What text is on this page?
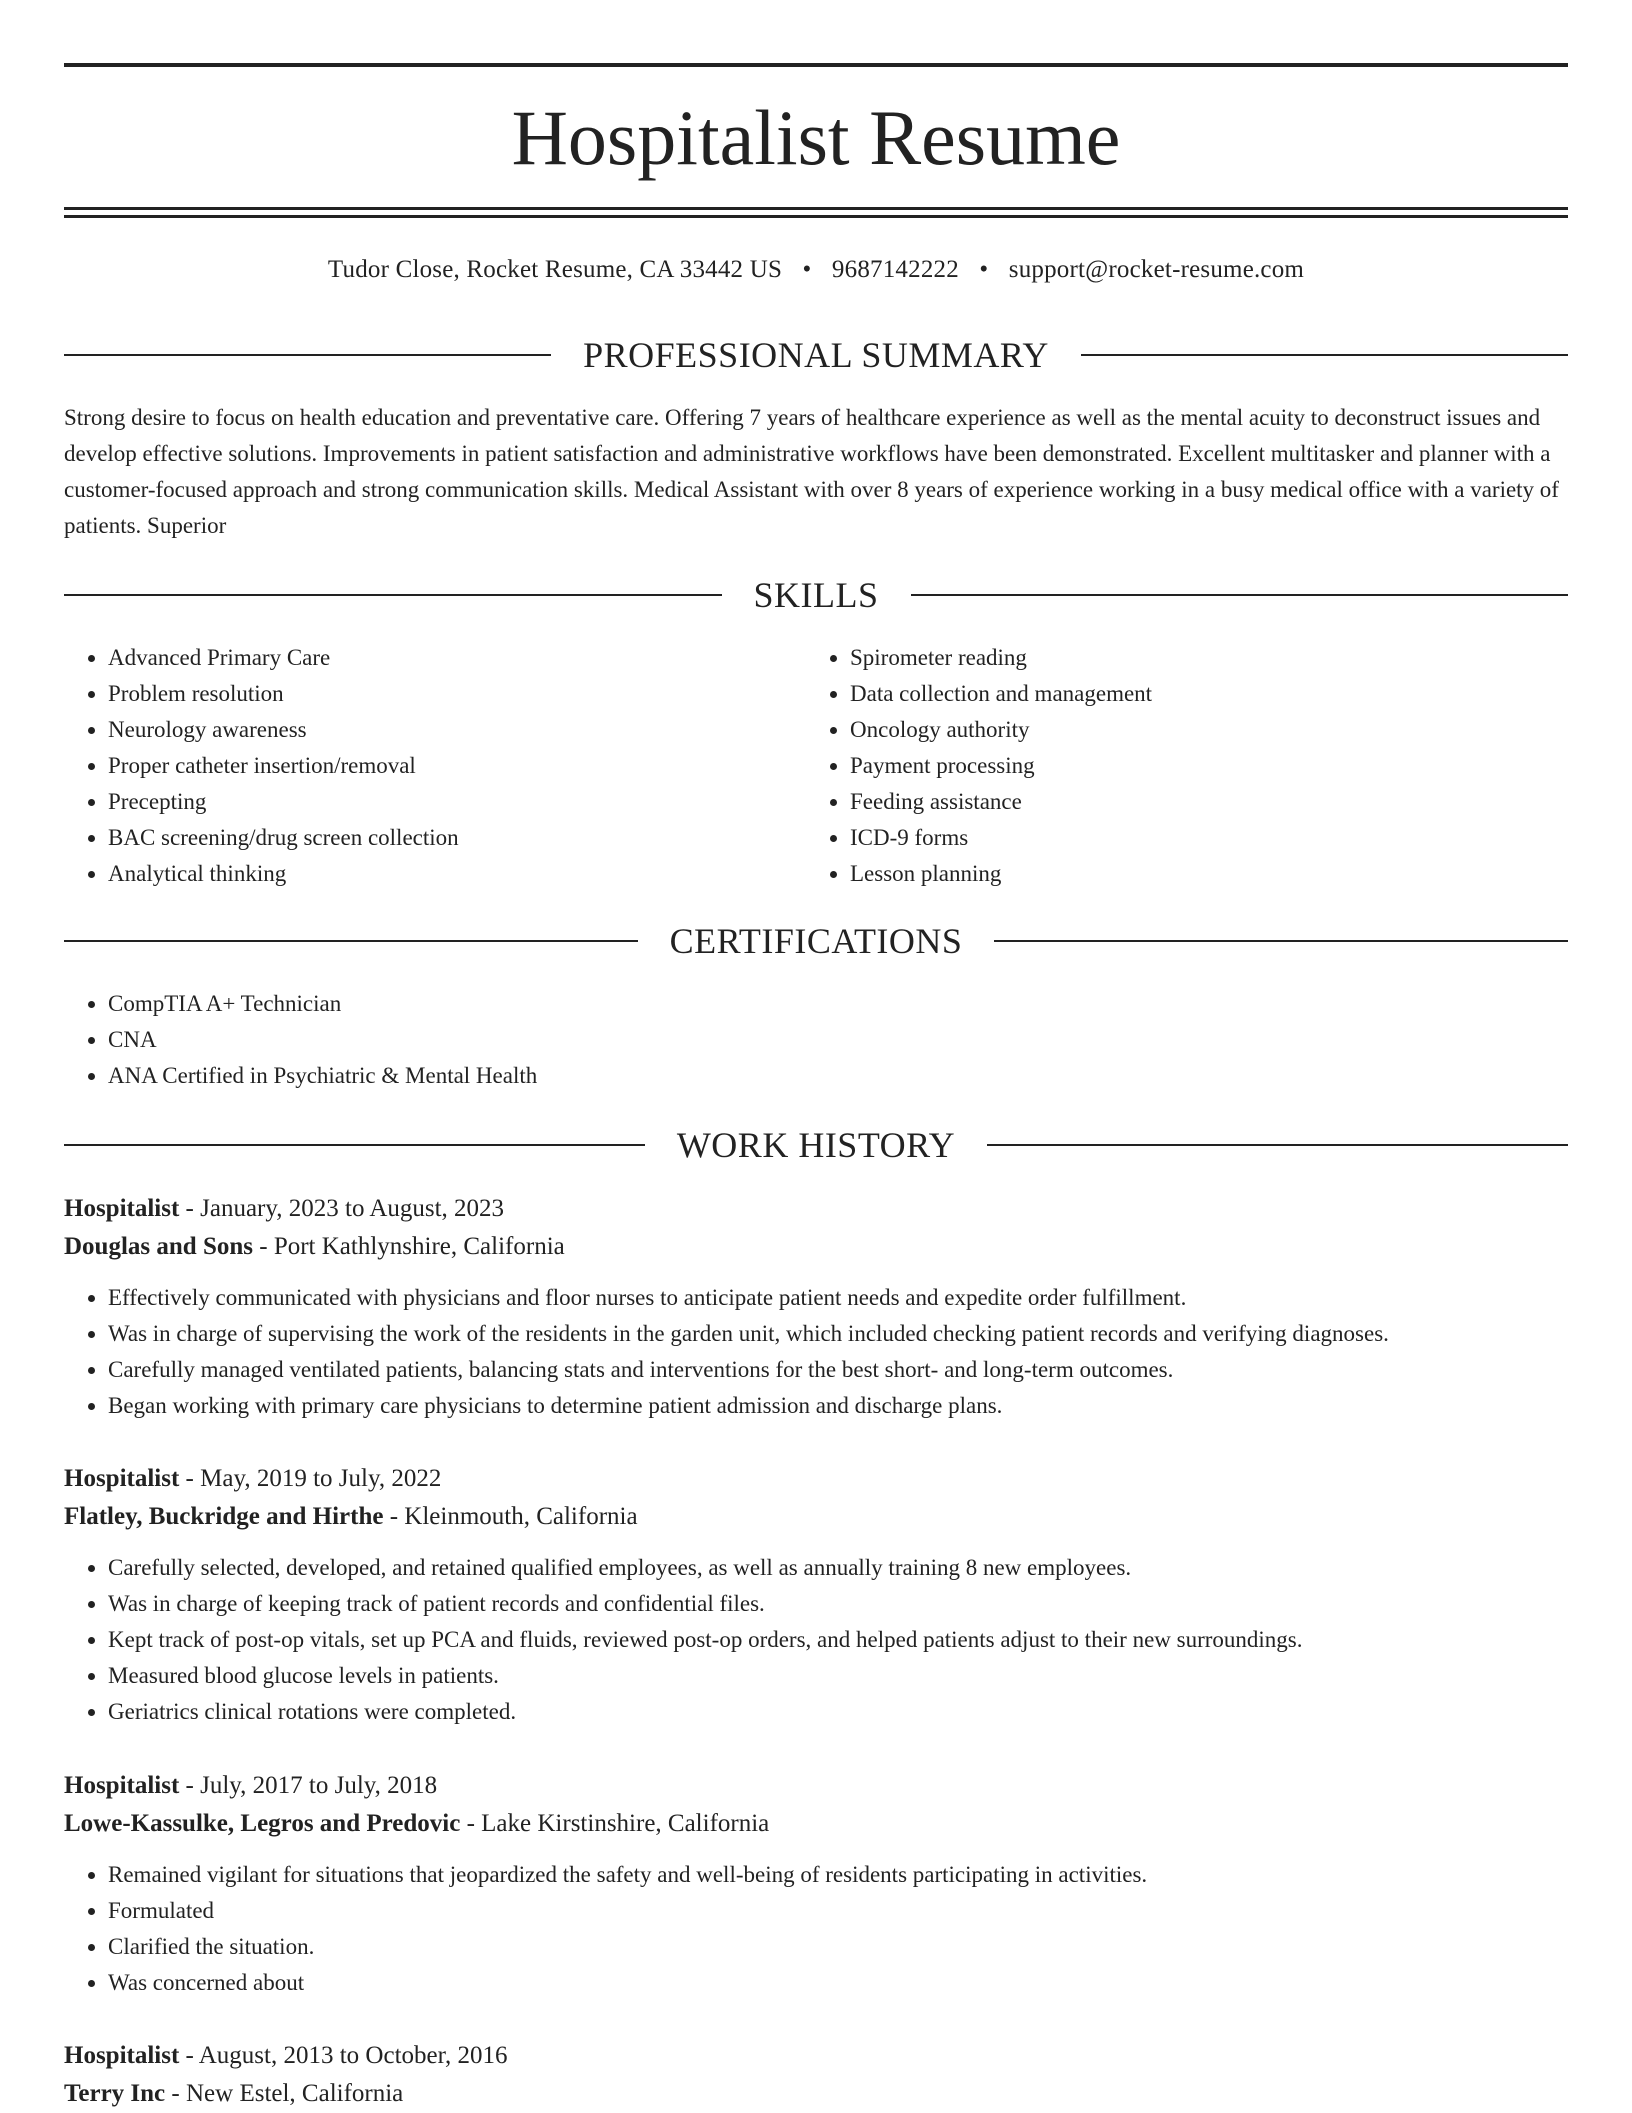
Hospitalist Resume
Tudor Close, Rocket Resume, CA 33442 US • 9687142222 • support@rocket-resume.com
PROFESSIONAL SUMMARY

Strong desire to focus on health education and preventative care. Offering 7 years of healthcare experience as well as the mental acuity to deconstruct issues and develop effective solutions. Improvements in patient satisfaction and administrative workflows have been demonstrated. Excellent multitasker and planner with a customer-focused approach and strong communication skills. Medical Assistant with over 8 years of experience working in a busy medical office with a variety of patients. Superior

SKILLS
• Advanced Primary Care
• Problem resolution
• Neurology awareness
• Proper catheter insertion/removal
• Precepting
• BAC screening/drug screen collection
• Analytical thinking
• Spirometer reading
• Data collection and management
• Oncology authority
• Payment processing
• Feeding assistance
• ICD-9 forms
• Lesson planning
CERTIFICATIONS
• CompTIA A+ Technician
• CNA
• ANA Certified in Psychiatric & Mental Health
WORK HISTORY
Hospitalist - January, 2023 to August, 2023
Douglas and Sons - Port Kathlynshire, California
• Effectively communicated with physicians and floor nurses to anticipate patient needs and expedite order fulfillment.
• Was in charge of supervising the work of the residents in the garden unit, which included checking patient records and verifying diagnoses.
• Carefully managed ventilated patients, balancing stats and interventions for the best short- and long-term outcomes.
• Began working with primary care physicians to determine patient admission and discharge plans.
Hospitalist - May, 2019 to July, 2022
Flatley, Buckridge and Hirthe - Kleinmouth, California
• Carefully selected, developed, and retained qualified employees, as well as annually training 8 new employees.
• Was in charge of keeping track of patient records and confidential files.
• Kept track of post-op vitals, set up PCA and fluids, reviewed post-op orders, and helped patients adjust to their new surroundings.
• Measured blood glucose levels in patients.
• Geriatrics clinical rotations were completed.
Hospitalist - July, 2017 to July, 2018
Lowe-Kassulke, Legros and Predovic - Lake Kirstinshire, California
• Remained vigilant for situations that jeopardized the safety and well-being of residents participating in activities.
• Formulated
• Clarified the situation.
• Was concerned about
Hospitalist - August, 2013 to October, 2016
Terry Inc - New Estel, California
